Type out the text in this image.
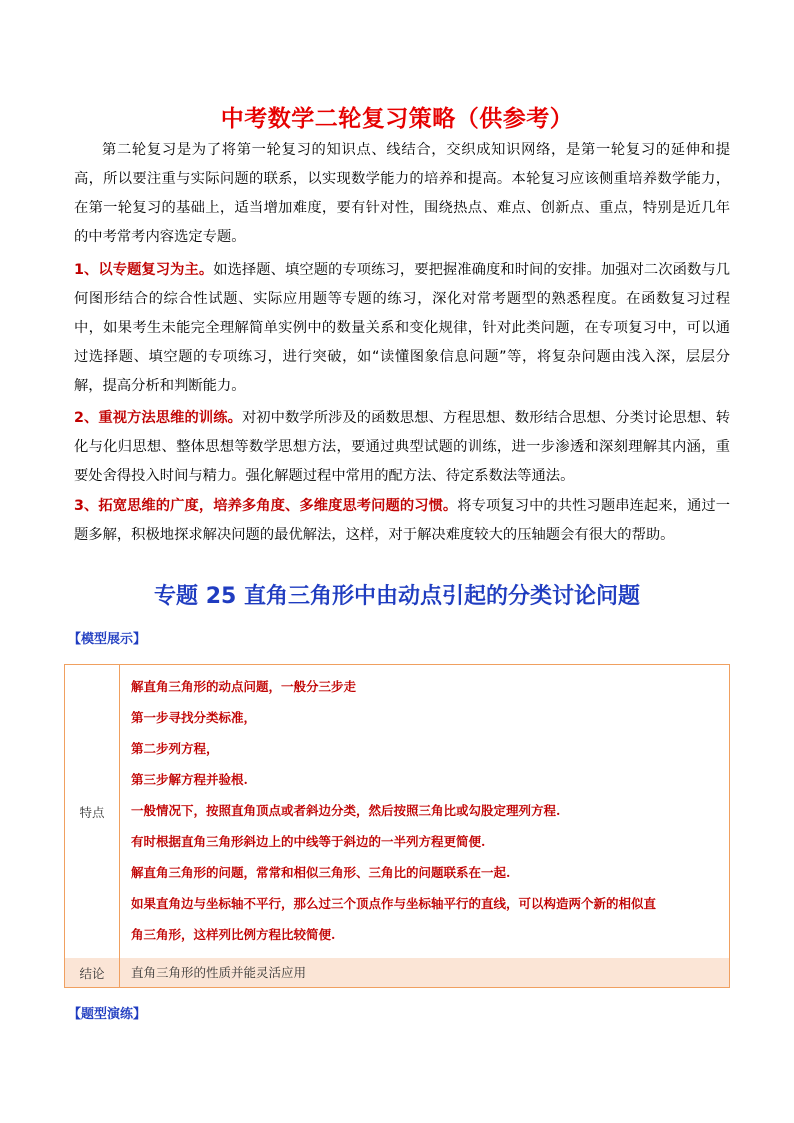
中考数学二轮复习策略（供参考）
第二轮复习是为了将第一轮复习的知识点、线结合，交织成知识网络，是第一轮复习的延伸和提高，所以要注重与实际问题的联系，以实现数学能力的培养和提高。本轮复习应该侧重培养数学能力，在第一轮复习的基础上，适当增加难度，要有针对性，围绕热点、难点、创新点、重点，特别是近几年的中考常考内容选定专题。
1、以专题复习为主。如选择题、填空题的专项练习，要把握准确度和时间的安排。加强对二次函数与几何图形结合的综合性试题、实际应用题等专题的练习，深化对常考题型的熟悉程度。在函数复习过程中，如果考生未能完全理解简单实例中的数量关系和变化规律，针对此类问题，在专项复习中，可以通过选择题、填空题的专项练习，进行突破，如“读懂图象信息问题”等，将复杂问题由浅入深，层层分解，提高分析和判断能力。
2、重视方法思维的训练。对初中数学所涉及的函数思想、方程思想、数形结合思想、分类讨论思想、转化与化归思想、整体思想等数学思想方法，要通过典型试题的训练，进一步渗透和深刻理解其内涵，重要处舍得投入时间与精力。强化解题过程中常用的配方法、待定系数法等通法。
3、拓宽思维的广度，培养多角度、多维度思考问题的习惯。将专项复习中的共性习题串连起来，通过一题多解，积极地探求解决问题的最优解法，这样，对于解决难度较大的压轴题会有很大的帮助。
专题 25 直角三角形中由动点引起的分类讨论问题
【模型展示】
特点
解直角三角形的动点问题，一般分三步走
第一步寻找分类标准，
第二步列方程，
第三步解方程并验根.
一般情况下，按照直角顶点或者斜边分类，然后按照三角比或勾股定理列方程.
有时根据直角三角形斜边上的中线等于斜边的一半列方程更简便.
解直角三角形的问题，常常和相似三角形、三角比的问题联系在一起.
如果直角边与坐标轴不平行，那么过三个顶点作与坐标轴平行的直线，可以构造两个新的相似直
角三角形，这样列比例方程比较简便.
结论	直角三角形的性质并能灵活应用
【题型演练】
